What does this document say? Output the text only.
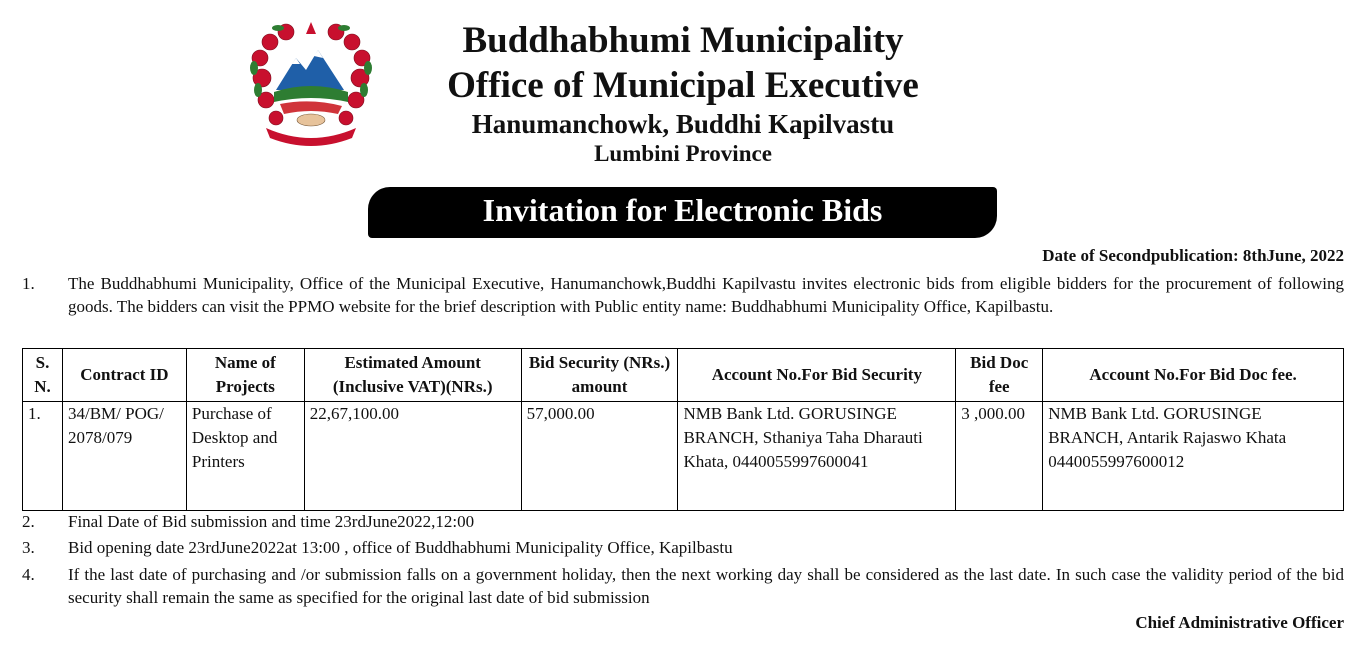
Buddhabhumi Municipality
Office of Municipal Executive
Hanumanchowk, Buddhi Kapilvastu
Lumbini Province
Invitation for Electronic Bids
Date of Secondpublication: 8thJune, 2022
1. The Buddhabhumi Municipality, Office of the Municipal Executive, Hanumanchowk,Buddhi Kapilvastu invites electronic bids from eligible bidders for the procurement of following goods. The bidders can visit the PPMO website for the brief description with Public entity name: Buddhabhumi Municipality Office, Kapilbastu.
S. N.	Contract ID	Name of Projects	Estimated Amount (Inclusive VAT)(NRs.)	Bid Security (NRs.) amount	Account No.For Bid Security	Bid Doc fee	Account No.For Bid Doc fee.
1.	34/BM/ POG/ 2078/079	Purchase of Desktop and Printers	22,67,100.00	57,000.00	NMB Bank Ltd. GORUSINGE BRANCH, Sthaniya Taha Dharauti Khata, 0440055997600041	3 ,000.00	NMB Bank Ltd. GORUSINGE BRANCH, Antarik Rajaswo Khata 0440055997600012
2. Final Date of Bid submission and time 23rdJune2022,12:00
3. Bid opening date 23rdJune2022at 13:00 , office of Buddhabhumi Municipality Office, Kapilbastu
4. If the last date of purchasing and /or submission falls on a government holiday, then the next working day shall be considered as the last date. In such case the validity period of the bid security shall remain the same as specified for the original last date of bid submission
Chief Administrative Officer
